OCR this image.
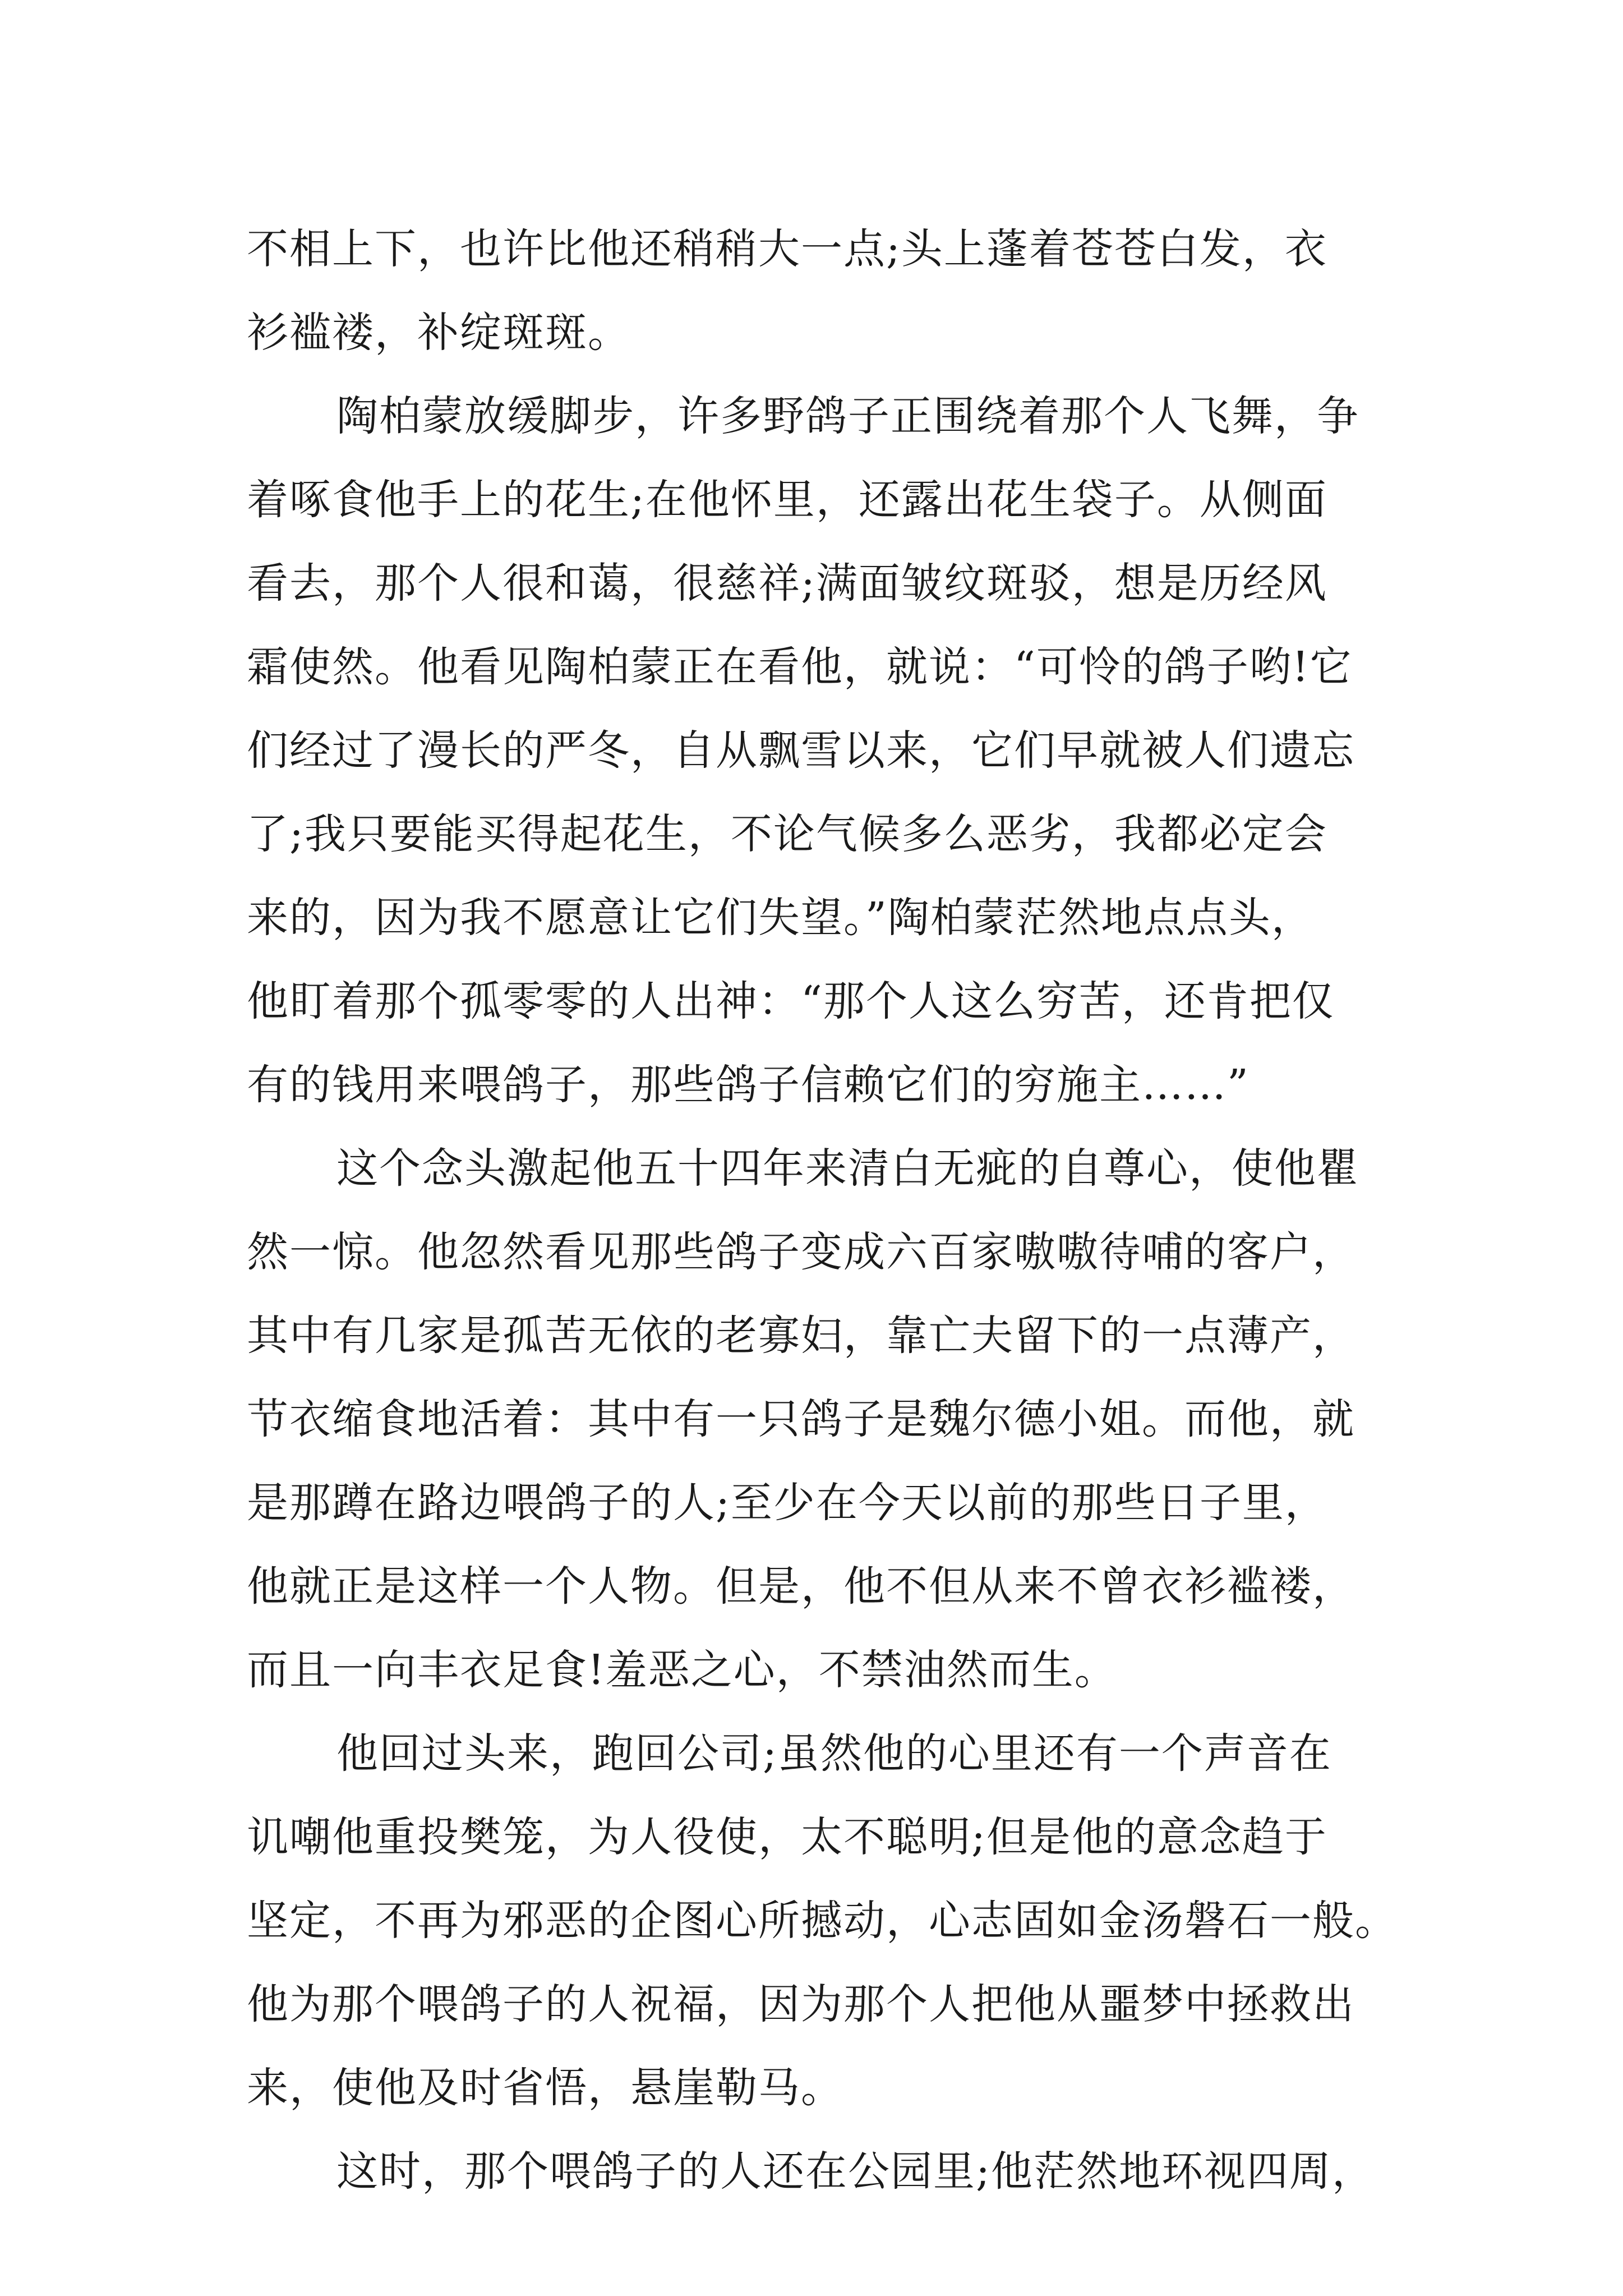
不相上下，也许比他还稍稍大一点;头上蓬着苍苍白发，衣
衫褴褛，补绽斑斑。
陶柏蒙放缓脚步，许多野鸽子正围绕着那个人飞舞，争
着啄食他手上的花生;在他怀里，还露出花生袋子。从侧面
看去，那个人很和蔼，很慈祥;满面皱纹斑驳，想是历经风
霜使然。他看见陶柏蒙正在看他，就说：“可怜的鸽子哟!它
们经过了漫长的严冬，自从飘雪以来，它们早就被人们遗忘
了;我只要能买得起花生，不论气候多么恶劣，我都必定会
来的，因为我不愿意让它们失望。”陶柏蒙茫然地点点头，
他盯着那个孤零零的人出神：“那个人这么穷苦，还肯把仅
有的钱用来喂鸽子，那些鸽子信赖它们的穷施主……”
这个念头激起他五十四年来清白无疵的自尊心，使他瞿
然一惊。他忽然看见那些鸽子变成六百家嗷嗷待哺的客户，
其中有几家是孤苦无依的老寡妇，靠亡夫留下的一点薄产，
节衣缩食地活着：其中有一只鸽子是魏尔德小姐。而他，就
是那蹲在路边喂鸽子的人;至少在今天以前的那些日子里，
他就正是这样一个人物。但是，他不但从来不曾衣衫褴褛，
而且一向丰衣足食!羞恶之心，不禁油然而生。
他回过头来，跑回公司;虽然他的心里还有一个声音在
讥嘲他重投樊笼，为人役使，太不聪明;但是他的意念趋于
坚定，不再为邪恶的企图心所撼动，心志固如金汤磐石一般。
他为那个喂鸽子的人祝福，因为那个人把他从噩梦中拯救出
来，使他及时省悟，悬崖勒马。
这时，那个喂鸽子的人还在公园里;他茫然地环视四周，
